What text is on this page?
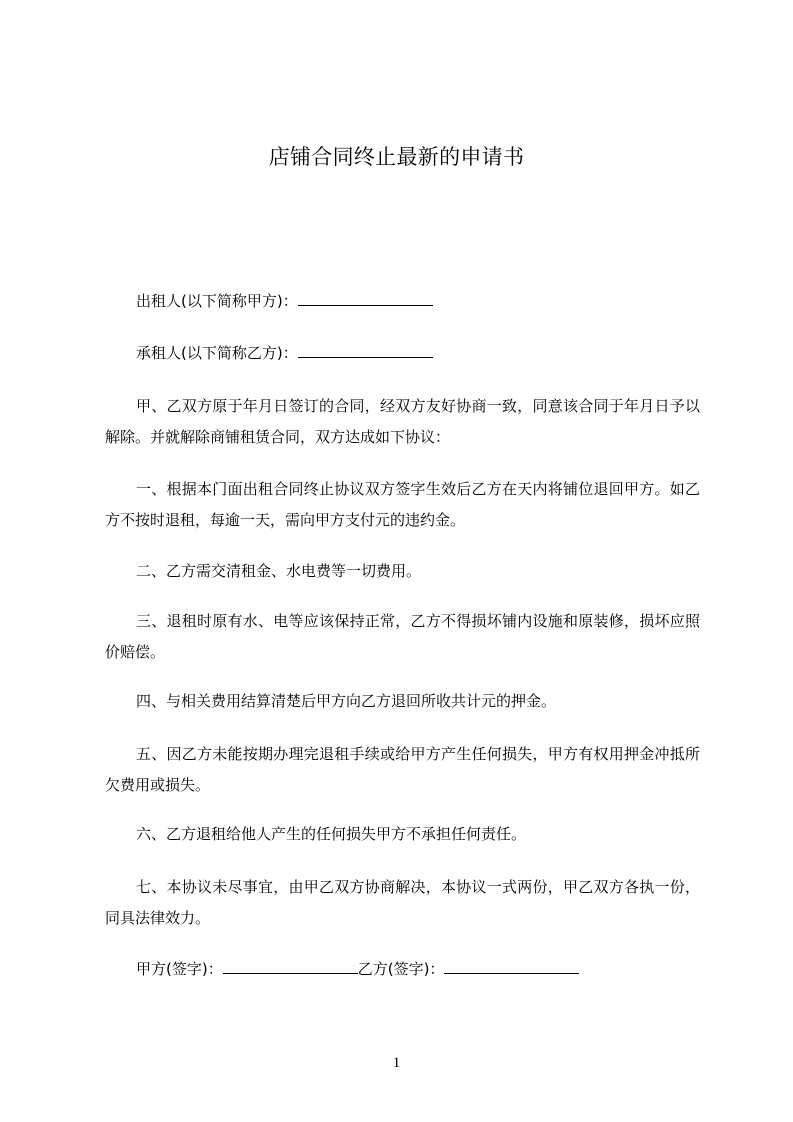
店铺合同终止最新的申请书
出租人(以下简称甲方)：
承租人(以下简称乙方)：
甲、乙双方原于年月日签订的合同，经双方友好协商一致，同意该合同于年月日予以解除。并就解除商铺租赁合同，双方达成如下协议：
一、根据本门面出租合同终止协议双方签字生效后乙方在天内将铺位退回甲方。如乙方不按时退租，每逾一天，需向甲方支付元的违约金。
二、乙方需交清租金、水电费等一切费用。
三、退租时原有水、电等应该保持正常，乙方不得损坏铺内设施和原装修，损坏应照价赔偿。
四、与相关费用结算清楚后甲方向乙方退回所收共计元的押金。
五、因乙方未能按期办理完退租手续或给甲方产生任何损失，甲方有权用押金冲抵所欠费用或损失。
六、乙方退租给他人产生的任何损失甲方不承担任何责任。
七、本协议未尽事宜，由甲乙双方协商解决，本协议一式两份，甲乙双方各执一份，同具法律效力。
甲方(签字)：	乙方(签字)：
1
